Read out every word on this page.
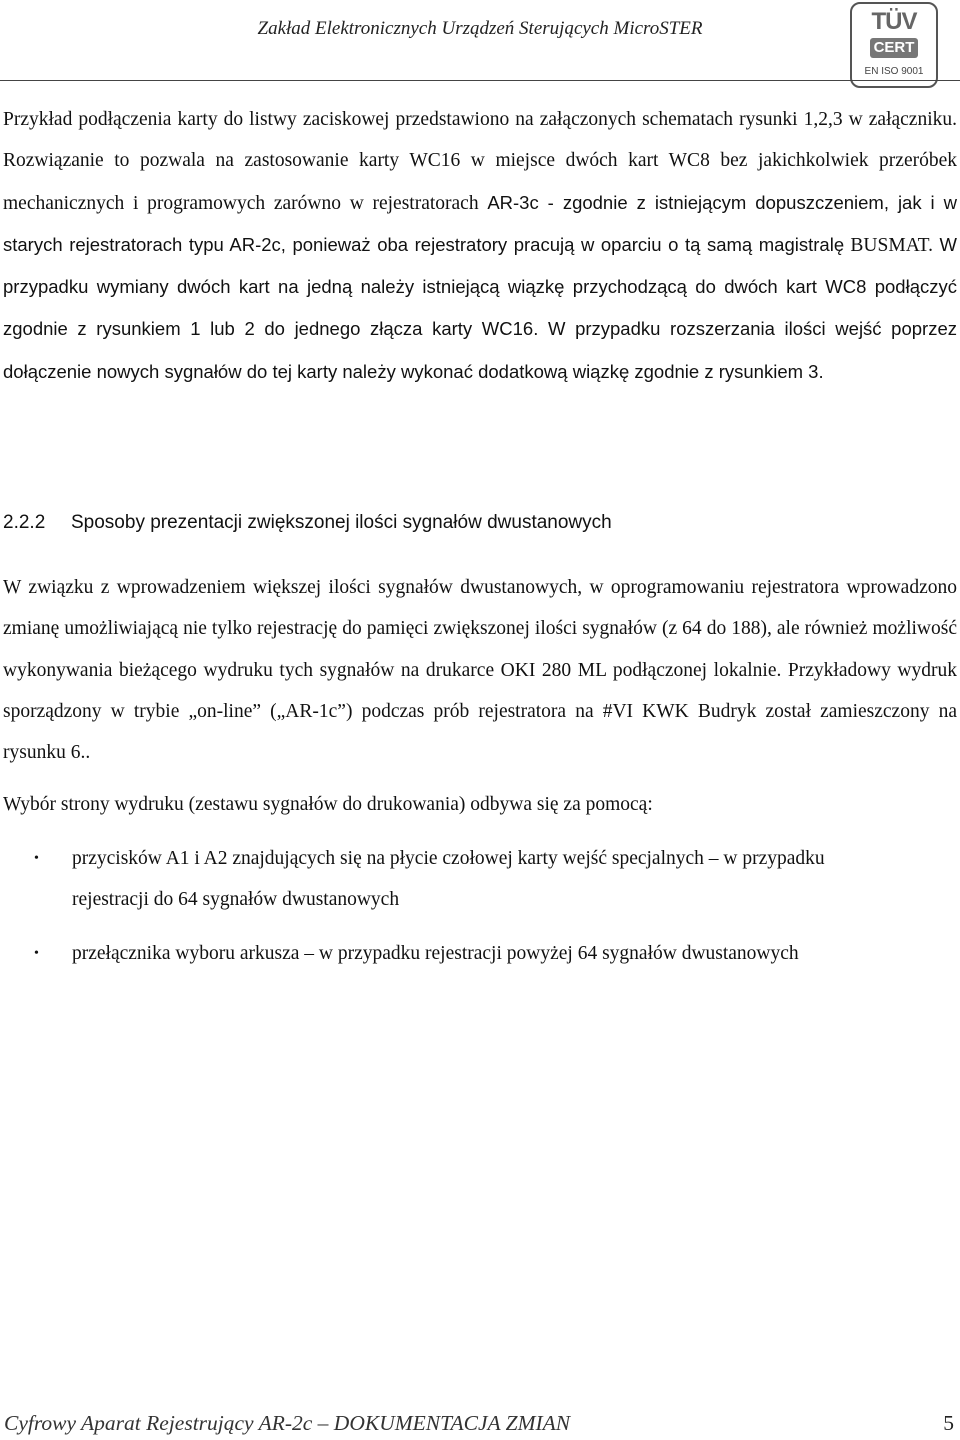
Zakład Elektronicznych Urządzeń Sterujących MicroSTER	TÜV
CERT
EN ISO 9001

Przykład podłączenia karty do listwy zaciskowej przedstawiono na załączonych schematach rysunki 1,2,3 w załączniku. Rozwiązanie to pozwala na zastosowanie karty WC16 w miejsce dwóch kart WC8 bez jakichkolwiek przeróbek mechanicznych i programowych zarówno w rejestratorach AR-3c - zgodnie z istniejącym dopuszczeniem, jak i w starych rejestratorach typu AR-2c, ponieważ oba rejestratory pracują w oparciu o tą samą magistralę BUSMAT. W przypadku wymiany dwóch kart na jedną należy istniejącą wiązkę przychodzącą do dwóch kart WC8 podłączyć zgodnie z rysunkiem 1 lub 2 do jednego złącza karty WC16. W przypadku rozszerzania ilości wejść poprzez dołączenie nowych sygnałów do tej karty należy wykonać dodatkową wiązkę zgodnie z rysunkiem 3.

2.2.2 Sposoby prezentacji zwiększonej ilości sygnałów dwustanowych

W związku z wprowadzeniem większej ilości sygnałów dwustanowych, w oprogramowaniu rejestratora wprowadzono zmianę umożliwiającą nie tylko rejestrację do pamięci zwiększonej ilości sygnałów (z 64 do 188), ale również możliwość wykonywania bieżącego wydruku tych sygnałów na drukarce OKI 280 ML podłączonej lokalnie. Przykładowy wydruk sporządzony w trybie „on-line” („AR-1c”) podczas prób rejestratora na #VI KWK Budryk został zamieszczony na rysunku 6..

Wybór strony wydruku (zestawu sygnałów do drukowania) odbywa się za pomocą:
• przycisków A1 i A2 znajdujących się na płycie czołowej karty wejść specjalnych – w przypadku rejestracji do 64 sygnałów dwustanowych
• przełącznika wyboru arkusza – w przypadku rejestracji powyżej 64 sygnałów dwustanowych
Cyfrowy Aparat Rejestrujący AR-2c – DOKUMENTACJA ZMIAN	5
